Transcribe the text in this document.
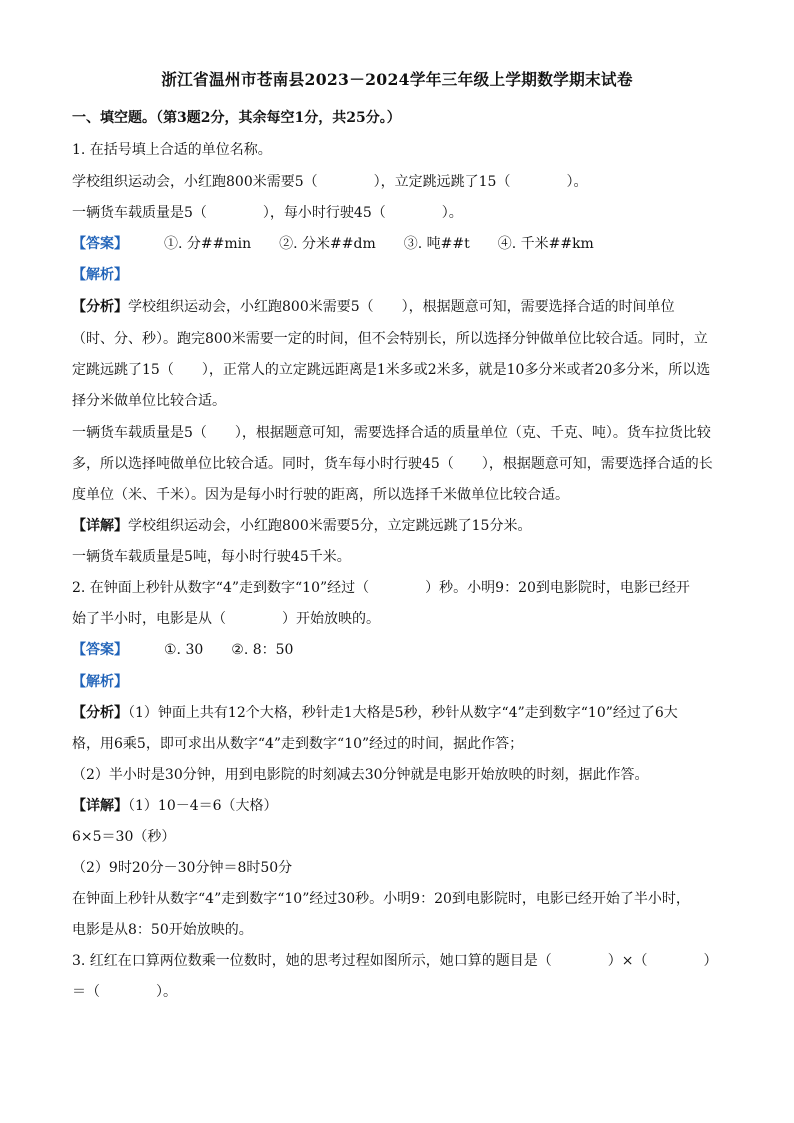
浙江省温州市苍南县2023－2024学年三年级上学期数学期末试卷
一、填空题。（第3题2分，其余每空1分，共25分。）
1. 在括号填上合适的单位名称。
学校组织运动会，小红跑800米需要5（　　　　），立定跳远跳了15（　　　　）。
一辆货车载质量是5（　　　　），每小时行驶45（　　　　）。
【答案】	①. 分##min　　②. 分米##dm　　③. 吨##t　　④. 千米##km
【解析】
【分析】学校组织运动会，小红跑800米需要5（　　），根据题意可知，需要选择合适的时间单位
（时、分、秒）。跑完800米需要一定的时间，但不会特别长，所以选择分钟做单位比较合适。同时，立
定跳远跳了15（　　），正常人的立定跳远距离是1米多或2米多，就是10多分米或者20多分米，所以选
择分米做单位比较合适。
一辆货车载质量是5（　　），根据题意可知，需要选择合适的质量单位（克、千克、吨）。货车拉货比较
多，所以选择吨做单位比较合适。同时，货车每小时行驶45（　　），根据题意可知，需要选择合适的长
度单位（米、千米）。因为是每小时行驶的距离，所以选择千米做单位比较合适。
【详解】学校组织运动会，小红跑800米需要5分，立定跳远跳了15分米。
一辆货车载质量是5吨，每小时行驶45千米。
2. 在钟面上秒针从数字“4”走到数字“10”经过（　　　　）秒。小明9：20到电影院时，电影已经开
始了半小时，电影是从（　　　　）开始放映的。
【答案】	①. 30　　②. 8：50
【解析】
【分析】（1）钟面上共有12个大格，秒针走1大格是5秒，秒针从数字“4”走到数字“10”经过了6大
格，用6乘5，即可求出从数字“4”走到数字“10”经过的时间，据此作答；
（2）半小时是30分钟，用到电影院的时刻减去30分钟就是电影开始放映的时刻，据此作答。
【详解】（1）10－4＝6（大格）
6×5＝30（秒）
（2）9时20分－30分钟＝8时50分
在钟面上秒针从数字“4”走到数字“10”经过30秒。小明9：20到电影院时，电影已经开始了半小时，
电影是从8：50开始放映的。
3. 红红在口算两位数乘一位数时，她的思考过程如图所示，她口算的题目是（　　　　）×（　　　　）
＝（　　　　）。
